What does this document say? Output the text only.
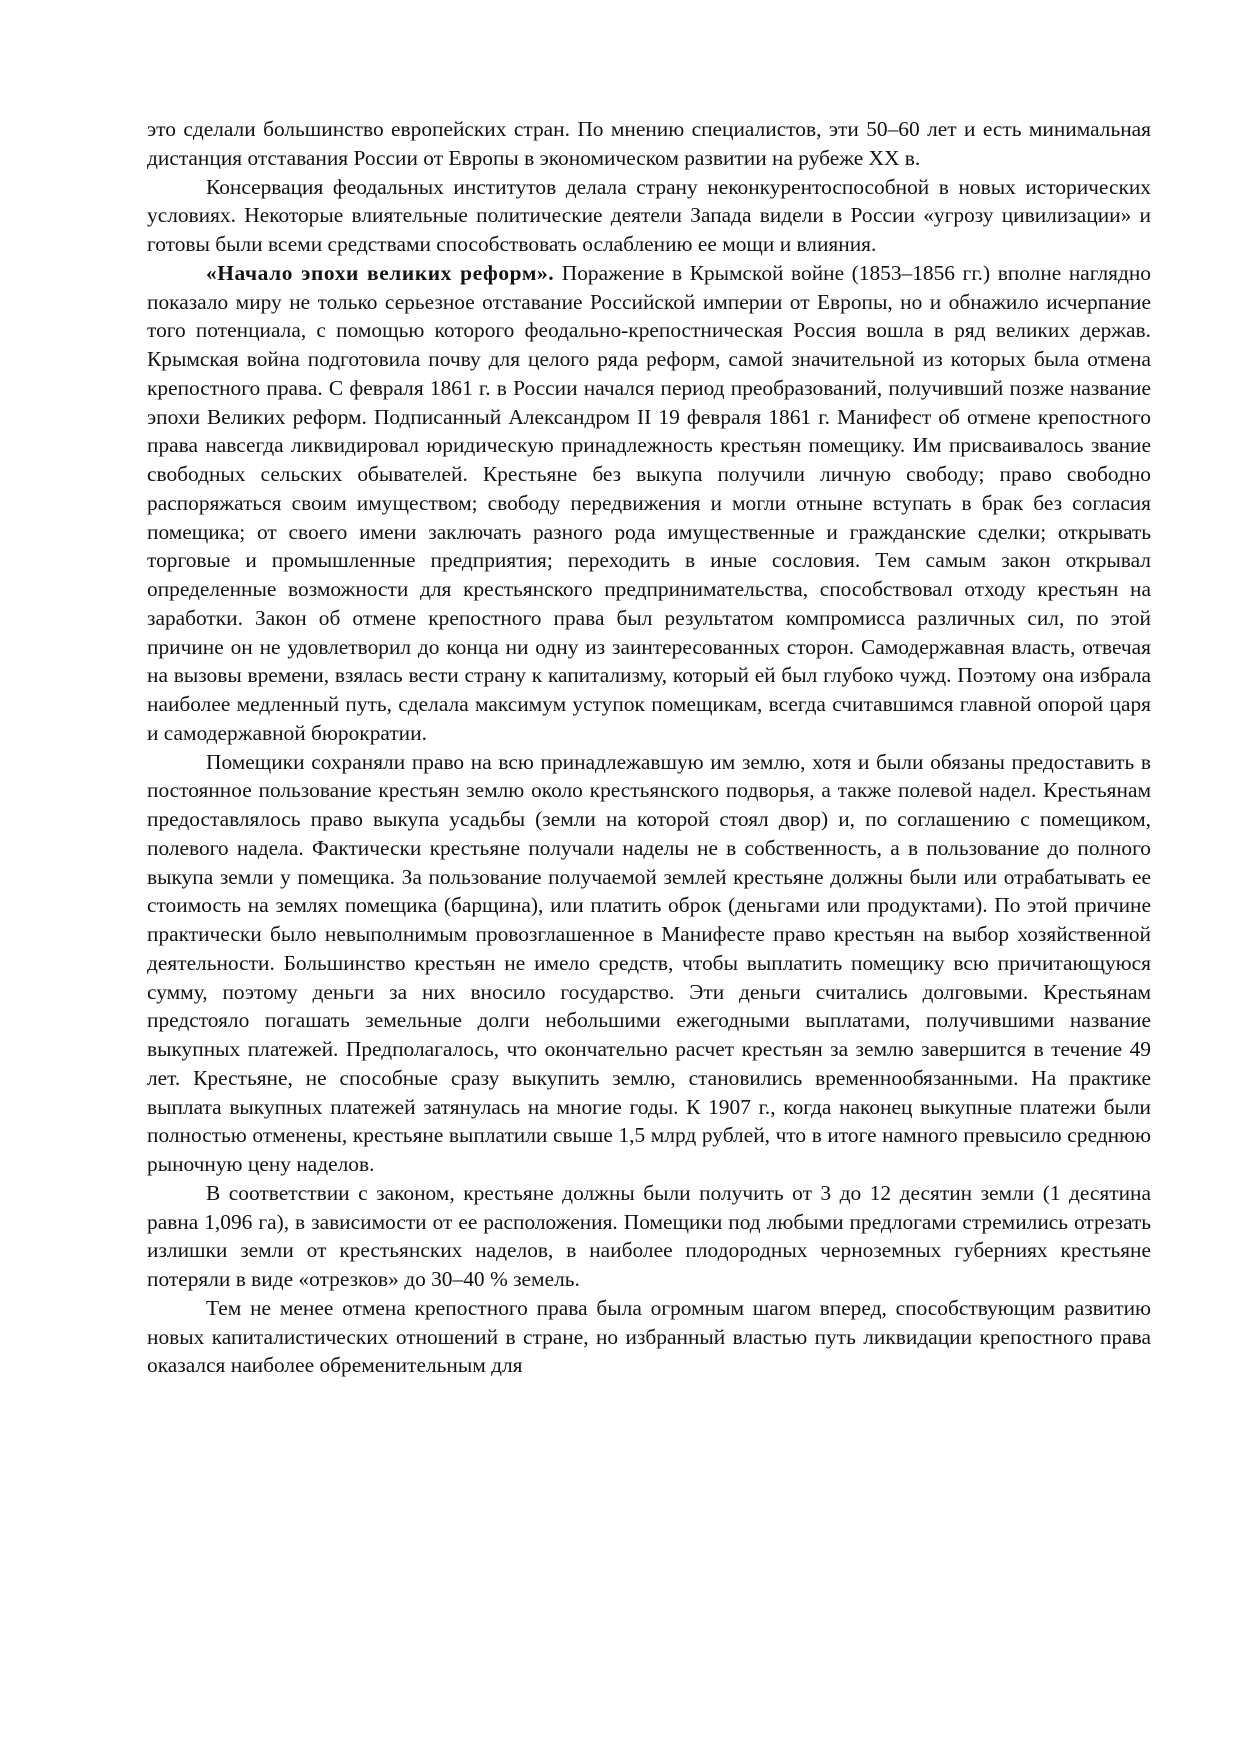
это сделали большинство европейских стран. По мнению специалистов, эти 50–60 лет и есть минимальная дистанция отставания России от Европы в экономическом развитии на рубеже ХХ в.

Консервация феодальных институтов делала страну неконкурентоспособной в новых исторических условиях. Некоторые влиятельные политические деятели Запада видели в России «угрозу цивилизации» и готовы были всеми средствами способствовать ослаблению ее мощи и влияния.

«Начало эпохи великих реформ». Поражение в Крымской войне (1853–1856 гг.) вполне наглядно показало миру не только серьезное отставание Российской империи от Европы, но и обнажило исчерпание того потенциала, с помощью которого феодально-крепостническая Россия вошла в ряд великих держав. Крымская война подготовила почву для целого ряда реформ, самой значительной из которых была отмена крепостного права. С февраля 1861 г. в России начался период преобразований, получивший позже название эпохи Великих реформ. Подписанный Александром II 19 февраля 1861 г. Манифест об отмене крепостного права навсегда ликвидировал юридическую принадлежность крестьян помещику. Им присваивалось звание свободных сельских обывателей. Крестьяне без выкупа получили личную свободу; право свободно распоряжаться своим имуществом; свободу передвижения и могли отныне вступать в брак без согласия помещика; от своего имени заключать разного рода имущественные и гражданские сделки; открывать торговые и промышленные предприятия; переходить в иные сословия. Тем самым закон открывал определенные возможности для крестьянского предпринимательства, способствовал отходу крестьян на заработки. Закон об отмене крепостного права был результатом компромисса различных сил, по этой причине он не удовлетворил до конца ни одну из заинтересованных сторон. Самодержавная власть, отвечая на вызовы времени, взялась вести страну к капитализму, который ей был глубоко чужд. Поэтому она избрала наиболее медленный путь, сделала максимум уступок помещикам, всегда считавшимся главной опорой царя и самодержавной бюрократии.

Помещики сохраняли право на всю принадлежавшую им землю, хотя и были обязаны предоставить в постоянное пользование крестьян землю около крестьянского подворья, а также полевой надел. Крестьянам предоставлялось право выкупа усадьбы (земли на которой стоял двор) и, по соглашению с помещиком, полевого надела. Фактически крестьяне получали наделы не в собственность, а в пользование до полного выкупа земли у помещика. За пользование получаемой землей крестьяне должны были или отрабатывать ее стоимость на землях помещика (барщина), или платить оброк (деньгами или продуктами). По этой причине практически было невыполнимым провозглашенное в Манифесте право крестьян на выбор хозяйственной деятельности. Большинство крестьян не имело средств, чтобы выплатить помещику всю причитающуюся сумму, поэтому деньги за них вносило государство. Эти деньги считались долговыми. Крестьянам предстояло погашать земельные долги небольшими ежегодными выплатами, получившими название выкупных платежей. Предполагалось, что окончательно расчет крестьян за землю завершится в течение 49 лет. Крестьяне, не способные сразу выкупить землю, становились временнообязанными. На практике выплата выкупных платежей затянулась на многие годы. К 1907 г., когда наконец выкупные платежи были полностью отменены, крестьяне выплатили свыше 1,5 млрд рублей, что в итоге намного превысило среднюю рыночную цену наделов.

В соответствии с законом, крестьяне должны были получить от 3 до 12 десятин земли (1 десятина равна 1,096 га), в зависимости от ее расположения. Помещики под любыми предлогами стремились отрезать излишки земли от крестьянских наделов, в наиболее плодородных черноземных губерниях крестьяне потеряли в виде «отрезков» до 30–40 % земель.

Тем не менее отмена крепостного права была огромным шагом вперед, способствующим развитию новых капиталистических отношений в стране, но избранный властью путь ликвидации крепостного права оказался наиболее обременительным для
